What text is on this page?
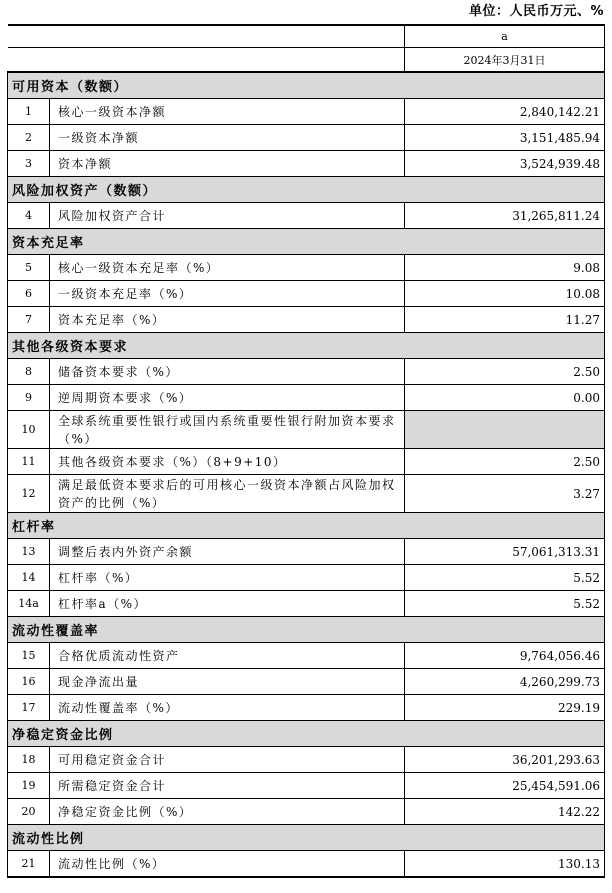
单位：人民币万元、%
		a
		2024年3月31日
可用资本（数额）		
1	核心一级资本净额	2,840,142.21
2	一级资本净额	3,151,485.94
3	资本净额	3,524,939.48
风险加权资产（数额）		
4	风险加权资产合计	31,265,811.24
资本充足率		
5	核心一级资本充足率（%）	9.08
6	一级资本充足率（%）	10.08
7	资本充足率（%）	11.27
其他各级资本要求		
8	储备资本要求（%）	2.50
9	逆周期资本要求（%）	0.00
10	全球系统重要性银行或国内系统重要性银行附加资本要求（%）	
11	其他各级资本要求（%）（8+9+10）	2.50
12	满足最低资本要求后的可用核心一级资本净额占风险加权资产的比例（%）	3.27
杠杆率		
13	调整后表内外资产余额	57,061,313.31
14	杠杆率（%）	5.52
14a	杠杆率a（%）	5.52
流动性覆盖率		
15	合格优质流动性资产	9,764,056.46
16	现金净流出量	4,260,299.73
17	流动性覆盖率（%）	229.19
净稳定资金比例		
18	可用稳定资金合计	36,201,293.63
19	所需稳定资金合计	25,454,591.06
20	净稳定资金比例（%）	142.22
流动性比例		
21	流动性比例（%）	130.13
